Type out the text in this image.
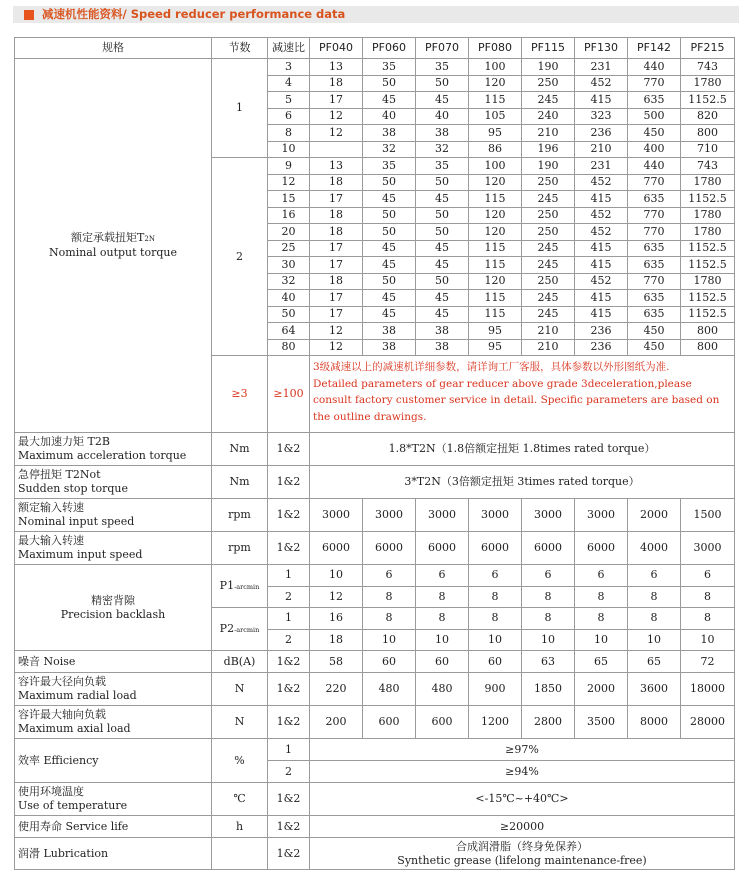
减速机性能资料/ Speed reducer performance data
规格	节数	减速比	PF040	PF060	PF070	PF080	PF115	PF130	PF142	PF215
额定承载扭矩T2N
Nominal output torque	1	3	13	35	35	100	190	231	440	743
		4	18	50	50	120	250	452	770	1780
		5	17	45	45	115	245	415	635	1152.5
		6	12	40	40	105	240	323	500	820
		8	12	38	38	95	210	236	450	800
		10		32	32	86	196	210	400	710
	2	9	13	35	35	100	190	231	440	743
		12	18	50	50	120	250	452	770	1780
		15	17	45	45	115	245	415	635	1152.5
		16	18	50	50	120	250	452	770	1780
		20	18	50	50	120	250	452	770	1780
		25	17	45	45	115	245	415	635	1152.5
		30	17	45	45	115	245	415	635	1152.5
		32	18	50	50	120	250	452	770	1780
		40	17	45	45	115	245	415	635	1152.5
		50	17	45	45	115	245	415	635	1152.5
		64	12	38	38	95	210	236	450	800
		80	12	38	38	95	210	236	450	800
	≥3	≥100	3级减速以上的减速机详细参数，请详询工厂客服，具体参数以外形图纸为准.
Detailed parameters of gear reducer above grade 3deceleration,please consult factory customer service in detail. Specific parameters are based on the outline drawings.							
最大加速力矩 T2B
Maximum acceleration torque	Nm	1&2	1.8*T2N（1.8倍额定扭矩 1.8times rated torque）							
急停扭矩 T2Not
Sudden stop torque	Nm	1&2	3*T2N（3倍额定扭矩 3times rated torque）							
额定输入转速
Nominal input speed	rpm	1&2	3000	3000	3000	3000	3000	3000	2000	1500
最大输入转速
Maximum input speed	rpm	1&2	6000	6000	6000	6000	6000	6000	4000	3000
精密背隙
Precision backlash	P1-arcmin	1	10	6	6	6	6	6	6	6
		2	12	8	8	8	8	8	8	8
	P2-arcmin	1	16	8	8	8	8	8	8	8
		2	18	10	10	10	10	10	10	10
噪音 Noise	dB(A)	1&2	58	60	60	60	63	65	65	72
容许最大径向负载
Maximum radial load	N	1&2	220	480	480	900	1850	2000	3600	18000
容许最大轴向负载
Maximum axial load	N	1&2	200	600	600	1200	2800	3500	8000	28000
效率 Efficiency	%	1	≥97%							
		2	≥94%							
使用环境温度
Use of temperature	℃	1&2	<-15℃~+40℃>							
使用寿命 Service life	h	1&2	≥20000							
润滑 Lubrication		1&2	合成润滑脂（终身免保养）
Synthetic grease (lifelong maintenance-free)							
